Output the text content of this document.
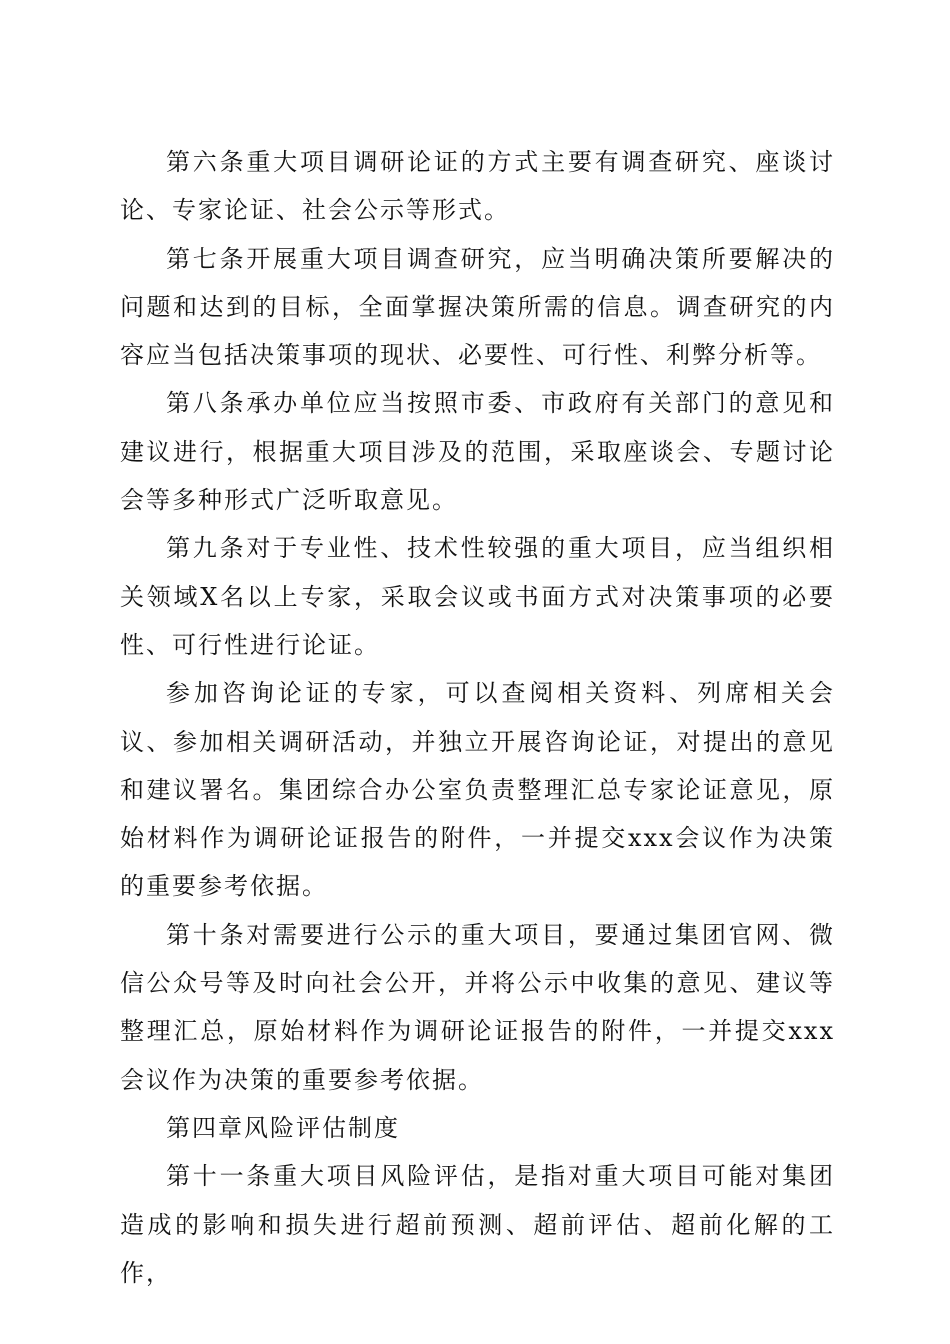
第六条重大项目调研论证的方式主要有调查研究、座谈讨论、专家论证、社会公示等形式。

第七条开展重大项目调查研究，应当明确决策所要解决的问题和达到的目标，全面掌握决策所需的信息。调查研究的内容应当包括决策事项的现状、必要性、可行性、利弊分析等。

第八条承办单位应当按照市委、市政府有关部门的意见和建议进行，根据重大项目涉及的范围，采取座谈会、专题讨论会等多种形式广泛听取意见。

第九条对于专业性、技术性较强的重大项目，应当组织相关领域X名以上专家，采取会议或书面方式对决策事项的必要性、可行性进行论证。

参加咨询论证的专家，可以查阅相关资料、列席相关会议、参加相关调研活动，并独立开展咨询论证，对提出的意见和建议署名。集团综合办公室负责整理汇总专家论证意见，原始材料作为调研论证报告的附件，一并提交xxx会议作为决策的重要参考依据。

第十条对需要进行公示的重大项目，要通过集团官网、微信公众号等及时向社会公开，并将公示中收集的意见、建议等整理汇总，原始材料作为调研论证报告的附件，一并提交xxx会议作为决策的重要参考依据。

第四章风险评估制度

第十一条重大项目风险评估，是指对重大项目可能对集团造成的影响和损失进行超前预测、超前评估、超前化解的工作，
